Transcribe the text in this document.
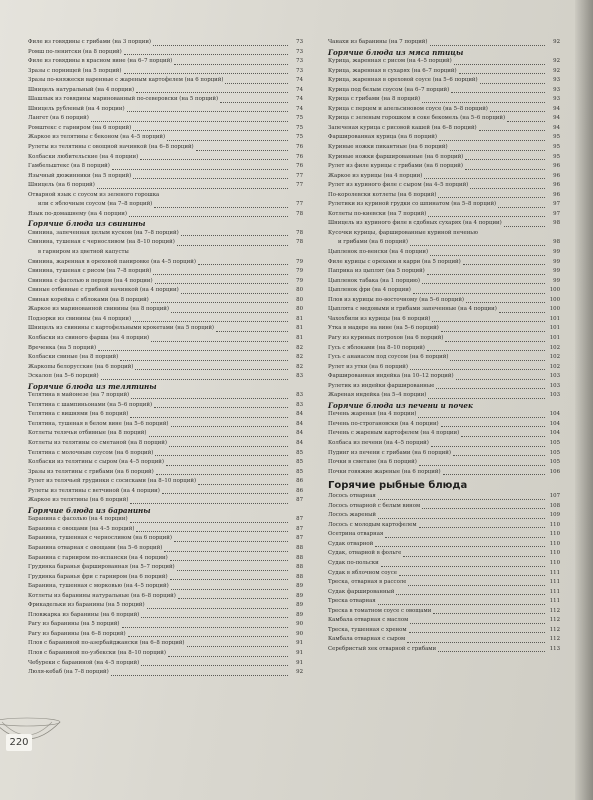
Филе из говядины с грибами (на 3 порции)	73
Ромш по-ленитски (на 8 порций)	73
Филе из говядины в красном вине (на 6–7 порций)	73
Зразы с порнищей (на 5 порций)	73
Зразы по-княжески варенные с жареным картофелем (на 6 порций)	74
Шницель натуральный (на 4 порции)	74
Шашлык из говядины маринованный по-северовски (на 5 порций)	74
Шницель рубленый (на 4 порции)	74
Лангет (на 6 порций)	75
Ромштекс с гарниром (на 6 порций)	75
Жаркое из телятины с беконом (на 4–5 порций)	75
Рулеты из телятины с овощной начинкой (на 6–8 порций)	76
Колбаски любительские (на 4 порции)	76
Гамбельштекс (на 8 порций)	76
Язычный дюжинники (на 5 порций)	77
Шницель (на 6 порций)	77
Отварной язык с соусом из зеленого горошка
или с яблочным соусом (на 7–8 порций)	77
Язык по-домашнему (на 4 порции)	78
Горячие блюда из свинины
Свинина, запеченная целым куском (на 7–8 порций)	78
Свинина, тушеная с черносливом (на 8–10 порций)	78
в гарниром из цветной капусты
Свинина, жаренная в ореховой панировке (на 4–5 порций)	79
Свинина, тушеная с рисом (на 7–8 порций)	79
Свинина с фасолью и перцем (на 4 порции)	79
Свиные отбивные с грибной начинкой (на 4 порции)	80
Свиная корейка с яблоками (на 8 порций)	80
Жаркое из маринованной свинины (на 8 порций)	80
Подзорки из свинины (на 4 порции)	81
Шницель из свинины с картофельными крокетами (на 5 порций)	81
Колбаски из свиного фарша (на 4 порции)	81
Вреченка (на 5 порций)	82
Колбаски свиные (на 8 порций)	82
Жаркопы белорусские (на 6 порций)	82
Эскалоп (на 5–6 порций)	83
Горячие блюда из телятины
Телятина в майонезе (на 7 порций)	83
Телятина с шампиньонами (на 5–6 порций)	83
Телятина с вишнями (на 6 порций)	84
Телятина, тушеная в белом вине (на 5–6 порций)	84
Котлеты телячьи отбивные (на 8 порций)	84
Котлеты из телятины со сметаной (на 8 порций)	84
Телятина с молочным соусом (на 6 порций)	85
Колбаски из телятины с сыром (на 4–5 порций)	85
Зразы из телятины с грибами (на 6 порций)	85
Рулет из телячьей грудинки с сосисками (на 8–10 порций)	86
Рулеты из телятины с ветчиной (на 4 порции)	86
Жаркое из телятины (на 6 порций)	87
Горячие блюда из баранины
Баранина с фасолью (на 4 порции)	87
Баранина с овощами (на 4–5 порций)	87
Баранина, тушенная с черносливом (на 6 порций)	87
Баранина отварная с овощами (на 5–6 порций)	88
Баранина с гарниром по-испански (на 4 порции)	88
Грудинка баранья фаршированная (на 5–7 порций)	88
Грудинка баранья фри с гарниром (на 6 порций)	88
Баранина, тушенная с морковью (на 4–5 порций)	89
Котлеты из баранины натуральные (на 6–8 порций)	89
Фрикадельки из баранины (на 5 порций)	89
Пловжарка из баранины (на 6 порций)	89
Рагу из баранины (на 5 порций)	90
Рагу из баранины (на 6–8 порций)	90
Плов с бараниной по-азербайджански (на 6–8 порций)	91
Плов с бараниной по-узбекски (на 8–10 порций)	91
Чебуреки с бараниной (на 4–5 порций)	91
Люля-кебаб (на 7–8 порций)	92
Чанахи из баранины (на 7 порций)	92
Горячие блюда из мяса птицы
Курица, жаренная с рисом (на 4–5 порций)	92
Курица, жаренная в сухарях (на 6–7 порций)	92
Курица, жаренная в ореховой соусе (на 5–6 порций)	93
Курица под белым соусом (на 6–7 порций)	93
Курица с грибами (на 8 порций)	93
Курица с перцем и апельсиновом соусе (на 5–8 порций)	94
Курица с зеленым горошком в соке бекомель (на 5–6 порций)	94
Запеченая курица с рисовой кашей (на 6–8 порций)	94
Фаршированная курица (на 6 порций)	95
Куриные ножки пикантные (на 6 порций)	95
Куриные ножки фаршированные (на 6 порций)	95
Рулет из филе курицы с грибами (на 6 порций)	96
Жаркое из курицы (на 4 порции)	96
Рулет из куриного филе с сыром (на 4–5 порций)	96
По-королевски котлеты (на 6 порций)	96
Рулетики из куриной грудки со шпинатом (на 5–8 порций)	97
Котлеты по-киевски (на 7 порций)	97
Шницель из куриного филе в сдобных сухарях (на 4 порции)	98
Кусочки курицы, фаршированные куриной печенью
и грибами (на 6 порций)	98
Цыпленок по-венски (на 4 порции)	99
Филе курицы с орехами и карри (на 5 порций)	99
Паприка из цыплят (на 5 порций)	99
Цыпленок табака (на 1 порцию)	99
Цыпленок фри (на 4 порции)	100
Плов из курицы по-восточному (на 5–6 порций)	100
Цыплята с медовыми и грибами запеченные (на 4 порции)	100
Чахохбили из курицы (на 6 порций)	101
Утка в мадере на вине (на 5–6 порций)	101
Рагу из куриных потрохов (на 6 порций)	101
Гусь с яблоками (на 8–10 порций)	102
Гусь с ананасом под соусом (на 6 порций)	102
Рулет из утки (на 6 порций)	102
Фаршированная индейка (на 10–12 порций)	103
Рулетик из индейки фаршированные	103
Жареная индейка (на 5–4 порции)	103
Горячие блюда из печени и почек
Печень жареная (на 4 порции)	104
Печень по-строгановски (на 4 порции)	104
Печень с жареным картофелем (на 4 порции)	104
Колбаса из печени (на 4–5 порций)	105
Пудинг из печени с грибами (на 6 порций)	105
Почки в сметане (на 6 порций)	105
Почки говяжие жареные (на 6 порций)	106
Горячие рыбные блюда
Лосось отварная	107
Лосось отварной с белым вином	108
Лосось жареный	109
Лосось с молодым картофелем	110
Осетрина отварная	110
Судак отварной	110
Судак, отварной в фольге	110
Судак по-польски	110
Судак в яблочном соусе	111
Треска, отварная в рассоле	111
Судак фаршированный	111
Треска отварная	111
Треска в томатном соусе с овощами	112
Камбала отварная с маслом	112
Треска, тушенная с хреном	112
Камбала отварная с сыром	112
Серебристый хек отварной с грибами	113
220
